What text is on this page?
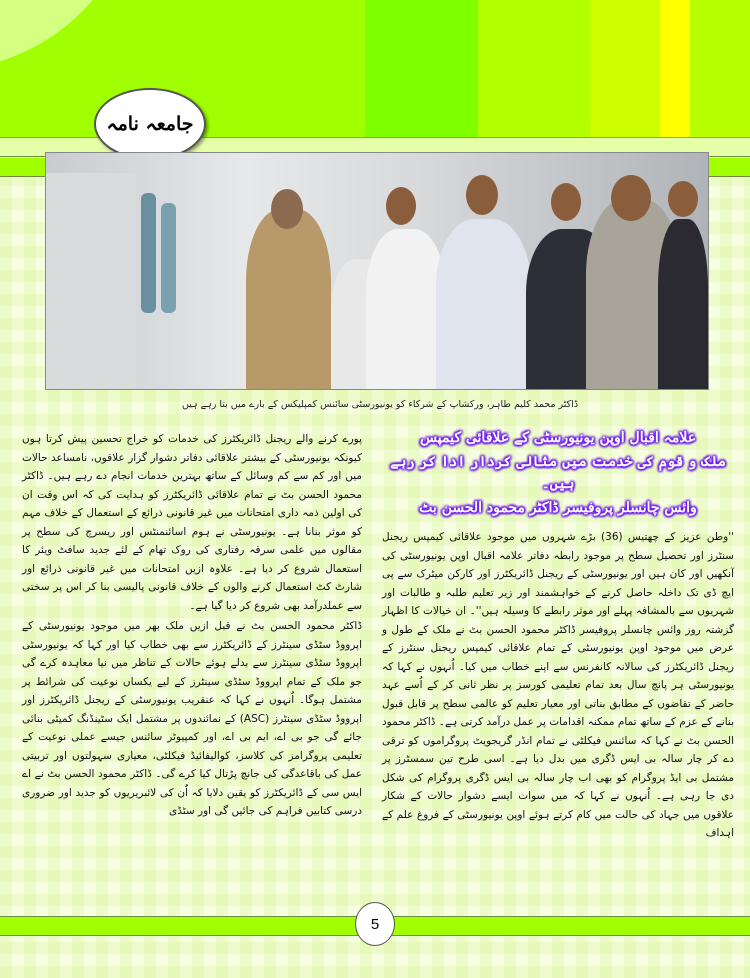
جامعہ نامہ
ڈاکٹر محمد کلیم طاہر، ورکشاپ کے شرکاء کو یونیورسٹی سائنس کمپلیکس کے بارے میں بتا رہے ہیں

پورے کرنے والے ریجنل ڈائریکٹرز کی خدمات کو خراج تحسین پیش کرتا ہوں کیونکہ یونیورسٹی کے بیشتر علاقائی دفاتر دشوار گزار علاقوں، نامساعد حالات میں اور کم سے کم وسائل کے ساتھ بہترین خدمات انجام دے رہے ہیں۔ ڈاکٹر محمود الحسن بٹ نے تمام علاقائی ڈائریکٹرز کو ہدایت کی کہ اس وقت ان کی اولین ذمہ داری امتحانات میں غیر قانونی ذرائع کے استعمال کے خلاف مہم کو موثر بنانا ہے۔ یونیورسٹی نے ہوم اسائنمنٹس اور ریسرچ کی سطح پر مقالوں میں علمی سرقہ رفتاری کی روک تھام کے لئے جدید سافٹ ویئر کا استعمال شروع کر دیا ہے۔ علاوہ ازیں امتحانات میں غیر قانونی ذرائع اور شارٹ کٹ استعمال کرنے والوں کے خلاف قانونی پالیسی بنا کر اس پر سختی سے عملدرآمد بھی شروع کر دیا گیا ہے۔

ڈاکٹر محمود الحسن بٹ نے قبل ازیں ملک بھر میں موجود یونیورسٹی کے اپرووڈ سٹڈی سینٹرز کے ڈائریکٹرز سے بھی خطاب کیا اور کہا کہ یونیورسٹی اپرووڈ سٹڈی سینٹرز سے بدلے ہوئے حالات کے تناظر میں نیا معاہدہ کرے گی جو ملک کے تمام اپرووڈ سٹڈی سینٹرز کے لیے یکساں نوعیت کی شرائط پر مشتمل ہوگا۔ اُنہوں نے کہا کہ عنقریب یونیورسٹی کے ریجنل ڈائریکٹرز اور اپرووڈ سٹڈی سینٹرز (ASC) کے نمائندوں پر مشتمل ایک سٹینڈنگ کمیٹی بنائی جائے گی جو بی اے، ایم بی اے، اور کمپیوٹر سائنس جیسے عملی نوعیت کے تعلیمی پروگرامز کی کلاسز، کوالیفائیڈ فیکلٹی، معیاری سہولتوں اور تربیتی عمل کی باقاعدگی کی جانچ پڑتال کیا کرے گی۔ ڈاکٹر محمود الحسن بٹ نے اے ایس سی کے ڈائریکٹرز کو یقین دلایا کہ اُن کی لائبریریوں کو جدید اور ضروری درسی کتابیں فراہم کی جائیں گی اور سٹڈی

علامہ اقبال اوپن یونیورسٹی کے علاقائی کیمپس
ملک و قوم کی خدمت میں مثالی کردار ادا کر رہے ہیں۔
وائس چانسلر پروفیسر ڈاکٹر محمود الحسن بٹ

''وطن عزیز کے چھتیس (36) بڑے شہروں میں موجود علاقائی کیمپس ریجنل سنٹرز اور تحصیل سطح پر موجود رابطہ دفاتر علامہ اقبال اوپن یونیورسٹی کی آنکھیں اور کان ہیں اور یونیورسٹی کے ریجنل ڈائریکٹرز اور کارکن میٹرک سے پی ایچ ڈی تک داخلہ حاصل کرنے کے خواہشمند اور زیر تعلیم طلبہ و طالبات اور شہریوں سے بالمشافہ پہلے اور موثر رابطے کا وسیلہ ہیں''۔ ان خیالات کا اظہار گزشتہ روز وائس چانسلر پروفیسر ڈاکٹر محمود الحسن بٹ نے ملک کے طول و عرض میں موجود اوپن یونیورسٹی کے تمام علاقائی کیمپس ریجنل سنٹرز کے ریجنل ڈائریکٹرز کی سالانہ کانفرنس سے اپنے خطاب میں کیا۔ اُنہوں نے کہا کہ یونیورسٹی ہر پانچ سال بعد تمام تعلیمی کورسز پر نظر ثانی کر کے اُسے عہد حاضر کے تقاضوں کے مطابق بناتی اور معیار تعلیم کو عالمی سطح پر قابل قبول بنانے کے عزم کے ساتھ تمام ممکنہ اقدامات پر عمل درآمد کرتی ہے۔ ڈاکٹر محمود الحسن بٹ نے کہا کہ سائنس فیکلٹی نے تمام انڈر گریجویٹ پروگراموں کو ترقی دے کر چار سالہ بی ایس ڈگری میں بدل دیا ہے۔ اسی طرح تین سمسٹرز پر مشتمل بی ایڈ پروگرام کو بھی اب چار سالہ بی ایس ڈگری پروگرام کی شکل دی جا رہی ہے۔ اُنہوں نے کہا کہ میں سوات ایسے دشوار حالات کے شکار علاقوں میں جہاد کی حالت میں کام کرتے ہوئے اوپن یونیورسٹی کے فروغ علم کے اہداف

5
